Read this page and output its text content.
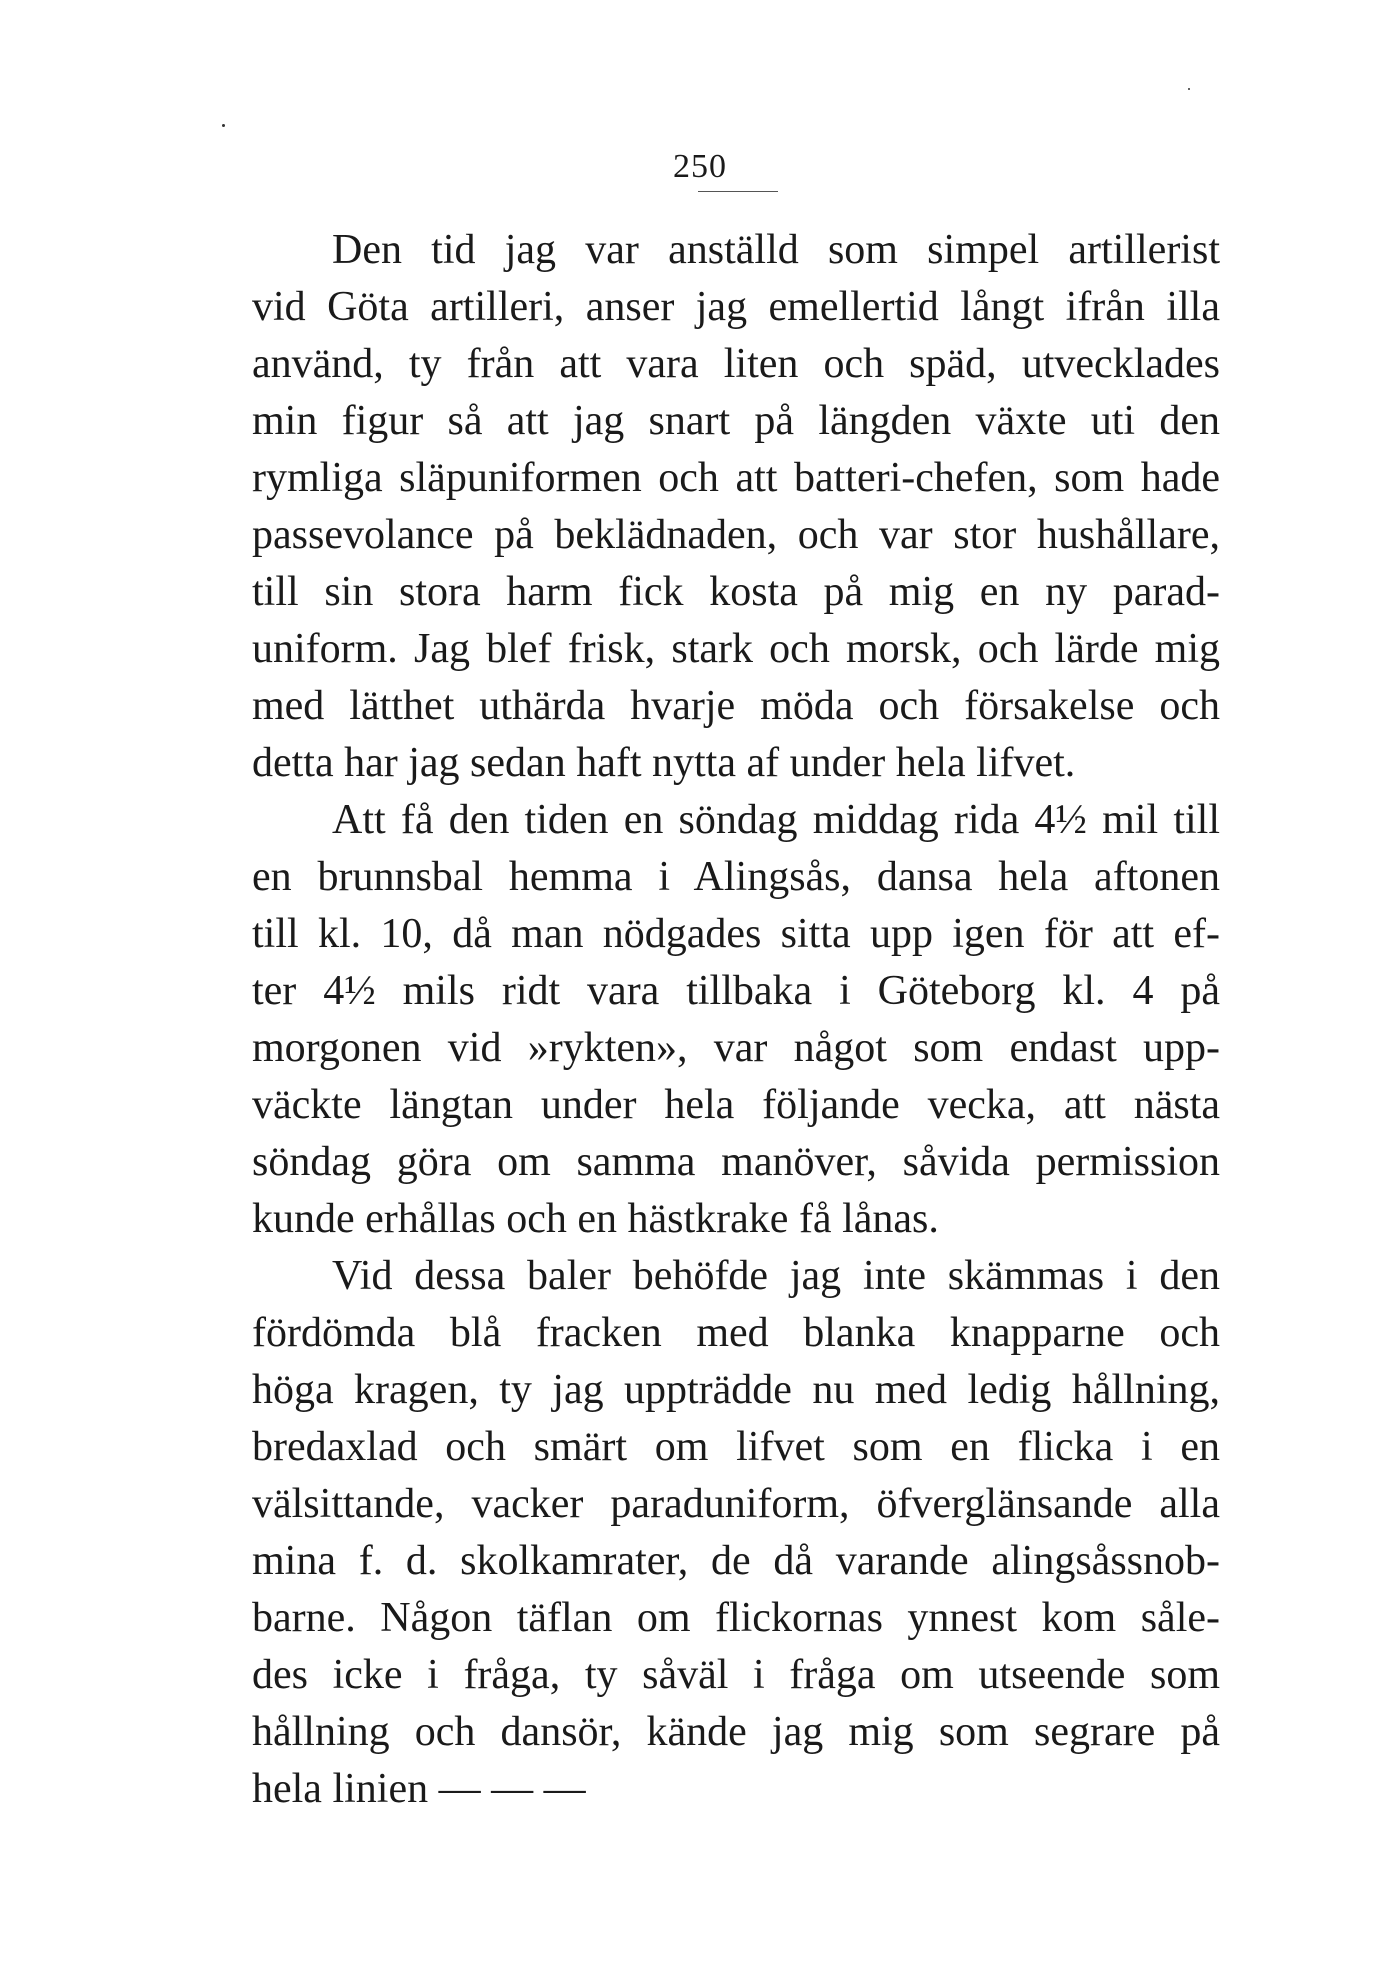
250
Den tid jag var anställd som simpel artillerist
vid Göta artilleri, anser jag emellertid långt ifrån illa
använd, ty från att vara liten och späd, utvecklades
min figur så att jag snart på längden växte uti den
rymliga släpuniformen och att batteri-chefen, som hade
passevolance på beklädnaden, och var stor hushållare,
till sin stora harm fick kosta på mig en ny parad-
uniform. Jag blef frisk, stark och morsk, och lärde mig
med lätthet uthärda hvarje möda och försakelse och
detta har jag sedan haft nytta af under hela lifvet.
Att få den tiden en söndag middag rida 4½ mil till
en brunnsbal hemma i Alingsås, dansa hela aftonen
till kl. 10, då man nödgades sitta upp igen för att ef-
ter 4½ mils ridt vara tillbaka i Göteborg kl. 4 på
morgonen vid »rykten», var något som endast upp-
väckte längtan under hela följande vecka, att nästa
söndag göra om samma manöver, såvida permission
kunde erhållas och en hästkrake få lånas.
Vid dessa baler behöfde jag inte skämmas i den
fördömda blå fracken med blanka knapparne och
höga kragen, ty jag uppträdde nu med ledig hållning,
bredaxlad och smärt om lifvet som en flicka i en
välsittande, vacker paraduniform, öfverglänsande alla
mina f. d. skolkamrater, de då varande alingsåssnob-
barne. Någon täflan om flickornas ynnest kom såle-
des icke i fråga, ty såväl i fråga om utseende som
hållning och dansör, kände jag mig som segrare på
hela linien — — —
